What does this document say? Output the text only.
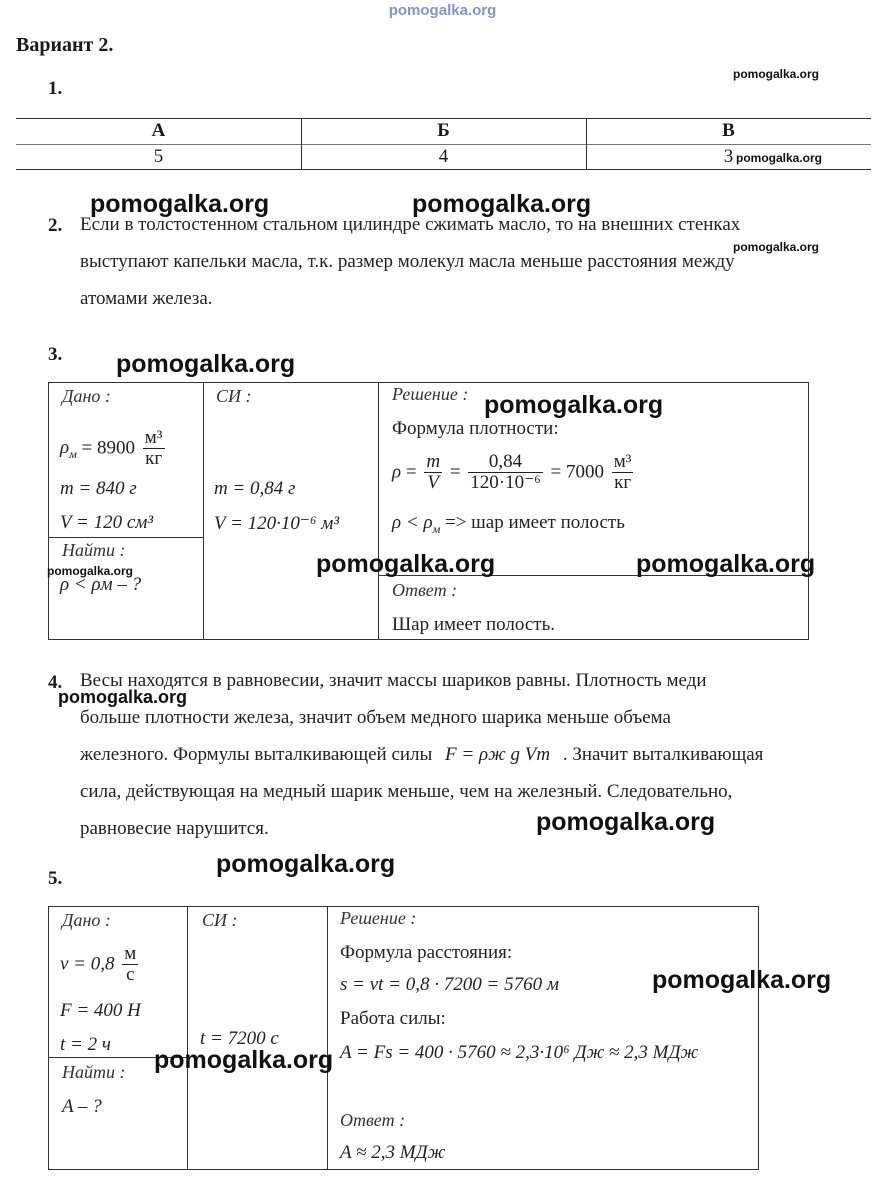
pomogalka.org
Вариант 2.
1.
pomogalka.org
А	Б	В
5	4	3 pomogalka.org
2. Если в толстостенном стальном цилиндре сжимать масло, то на внешних стенках
выступают капельки масла, т.к. размер молекул масла меньше расстояния между
атомами железа.
pomogalka.org	pomogalka.org
pomogalka.org
3.
Дано :
$\rho_м = 8900 \frac{\text{м³}}{кг}$
m = 840 г
V = 120 см³
Найти :
ρ < ρм – ?
СИ :
m = 0,84 г
V = 120·10⁻⁶ м³
Решение :
Формула плотности:
$\rho = \frac{m}{V} = \frac{0,84}{\text{120·10⁻⁶}} = 7000 \frac{\text{м³}}{кг}$
$\rho < \rho_м$ => шар имеет полость
Ответ :
Шар имеет полость.
pomogalka.org
pomogalka.org
pomogalka.org	pomogalka.org
pomogalka.org
4. Весы находятся в равновесии, значит массы шариков равны. Плотность меди
больше плотности железа, значит объем медного шарика меньше объема
железного. Формулы выталкивающей силы F = ρж g Vт . Значит выталкивающая
сила, действующая на медный шарик меньше, чем на железный. Следовательно,
равновесие нарушится.
pomogalka.org
pomogalka.org
pomogalka.org
5.
Дано :
$v = 0,8 \frac{м}{с}$
F = 400 Н
t = 2 ч
Найти :
A – ?
СИ :
t = 7200 с
Решение :
Формула расстояния:
s = vt = 0,8 · 7200 = 5760 м
Работа силы:
A = Fs = 400 · 5760 ≈ 2,3·10⁶ Дж ≈ 2,3 МДж
Ответ :
A ≈ 2,3 МДж
pomogalka.org
pomogalka.org
